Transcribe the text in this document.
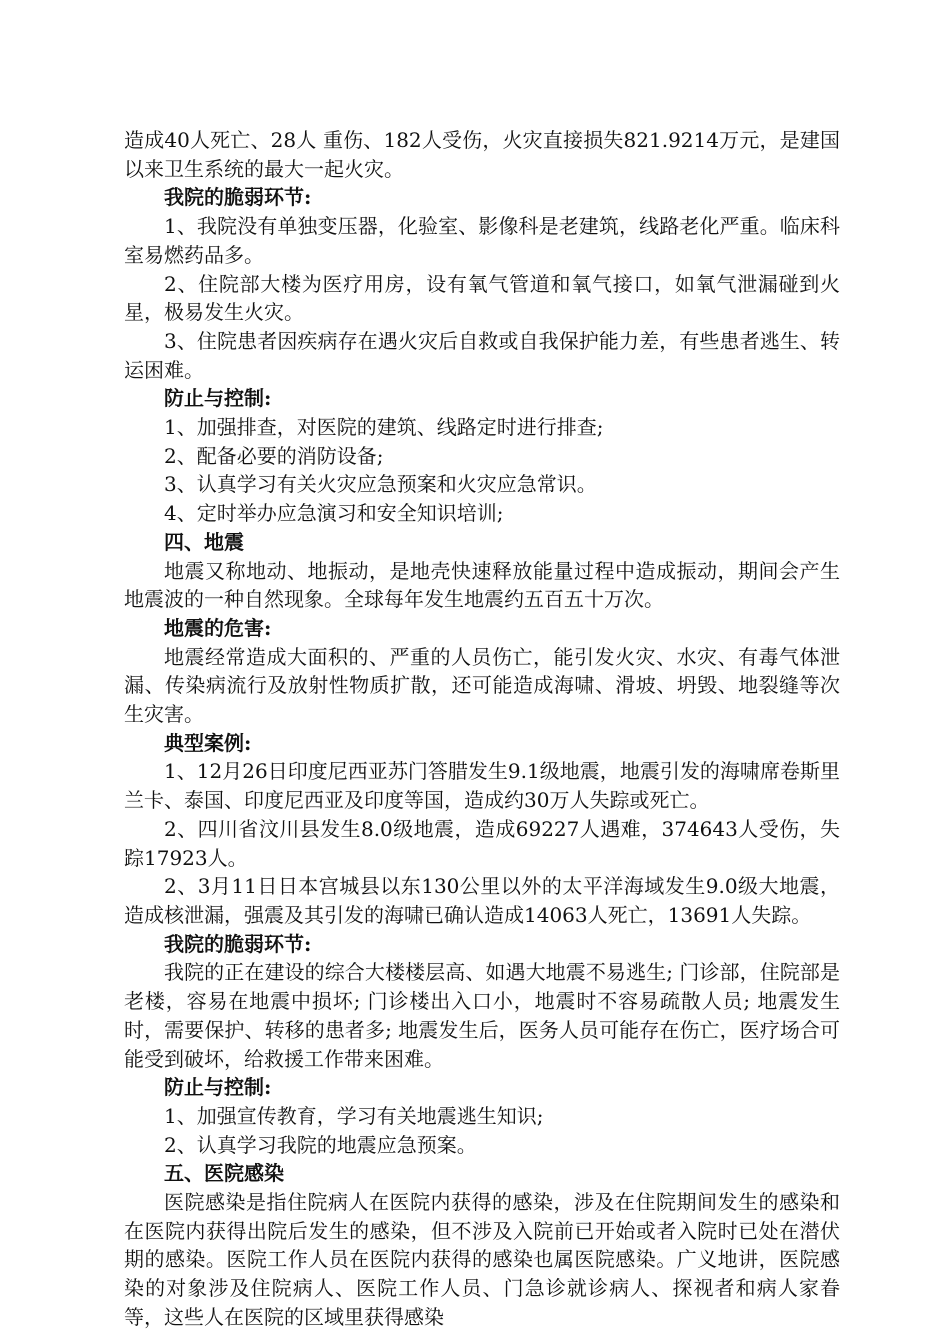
造成40人死亡、28人 重伤、182人受伤，火灾直接损失821.9214万元，是建国以来卫生系统的最大一起火灾。

我院的脆弱环节:

1、我院没有单独变压器，化验室、影像科是老建筑，线路老化严重。临床科室易燃药品多。

2、住院部大楼为医疗用房，设有氧气管道和氧气接口，如氧气泄漏碰到火星，极易发生火灾。

3、住院患者因疾病存在遇火灾后自救或自我保护能力差，有些患者逃生、转运困难。

防止与控制:

1、加强排查，对医院的建筑、线路定时进行排查;

2、配备必要的消防设备;

3、认真学习有关火灾应急预案和火灾应急常识。

4、定时举办应急演习和安全知识培训;

四、地震

地震又称地动、地振动，是地壳快速释放能量过程中造成振动，期间会产生地震波的一种自然现象。全球每年发生地震约五百五十万次。

地震的危害:

地震经常造成大面积的、严重的人员伤亡，能引发火灾、水灾、有毒气体泄漏、传染病流行及放射性物质扩散，还可能造成海啸、滑坡、坍毁、地裂缝等次生灾害。

典型案例:

1、12月26日印度尼西亚苏门答腊发生9.1级地震，地震引发的海啸席卷斯里兰卡、泰国、印度尼西亚及印度等国，造成约30万人失踪或死亡。

2、四川省汶川县发生8.0级地震，造成69227人遇难，374643人受伤，失踪17923人。

2、3月11日日本宫城县以东130公里以外的太平洋海域发生9.0级大地震，造成核泄漏，强震及其引发的海啸已确认造成14063人死亡，13691人失踪。

我院的脆弱环节:

我院的正在建设的综合大楼楼层高、如遇大地震不易逃生; 门诊部，住院部是老楼，容易在地震中损坏; 门诊楼出入口小，地震时不容易疏散人员; 地震发生时，需要保护、转移的患者多; 地震发生后，医务人员可能存在伤亡，医疗场合可能受到破坏，给救援工作带来困难。

防止与控制:

1、加强宣传教育，学习有关地震逃生知识;

2、认真学习我院的地震应急预案。

五、医院感染

医院感染是指住院病人在医院内获得的感染，涉及在住院期间发生的感染和在医院内获得出院后发生的感染，但不涉及入院前已开始或者入院时已处在潜伏期的感染。医院工作人员在医院内获得的感染也属医院感染。广义地讲，医院感染的对象涉及住院病人、医院工作人员、门急诊就诊病人、探视者和病人家眷等，这些人在医院的区域里获得感染
